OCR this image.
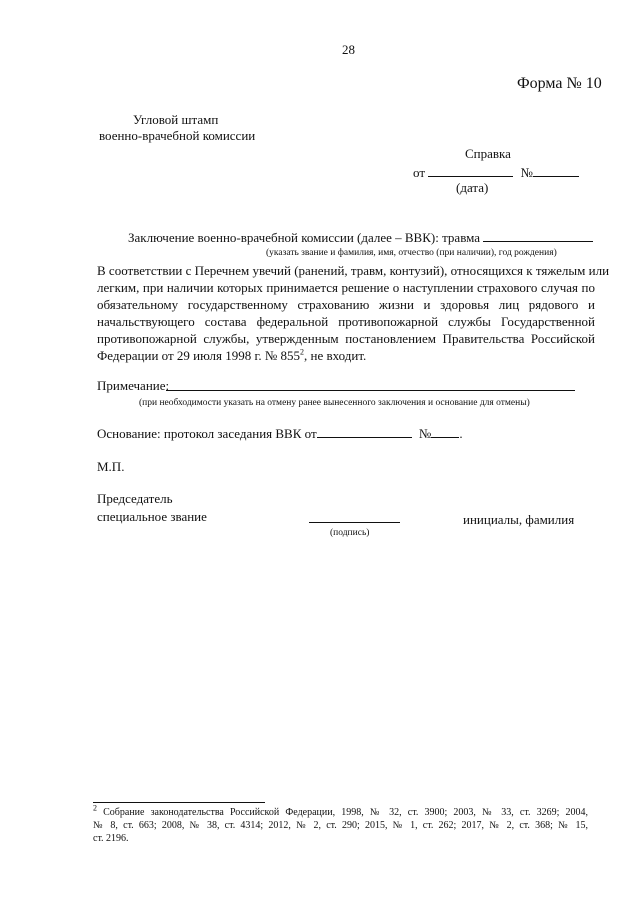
28
Форма № 10
Угловой штамп
военно-врачебной комиссии
Справка
от	№
(дата)
Заключение военно-врачебной комиссии (далее – ВВК): травма
(указать звание и фамилия, имя, отчество (при наличии), год рождения)
В соответствии с Перечнем увечий (ранений, травм, контузий), относящихся к тяжелым или
легким, при наличии которых принимается решение о наступлении страхового случая по
обязательному государственному страхованию жизни и здоровья лиц рядового и
начальствующего состава федеральной противопожарной службы Государственной
противопожарной службы, утвержденным постановлением Правительства Российской
Федерации от 29 июля 1998 г. № $855^2$, не входит.
Примечание:
(при необходимости указать на отмену ранее вынесенного заключения и основание для отмены)
Основание: протокол заседания ВВК от	№ .
М.П.
Председатель
специальное звание
(подпись)
инициалы, фамилия
$^2$ Собрание законодательства Российской Федерации, 1998, № 32, ст. 3900; 2003, № 33, ст. 3269; 2004,
№ 8, ст. 663; 2008, № 38, ст. 4314; 2012, № 2, ст. 290; 2015, № 1, ст. 262; 2017, № 2, ст. 368; № 15,
ст. 2196.
